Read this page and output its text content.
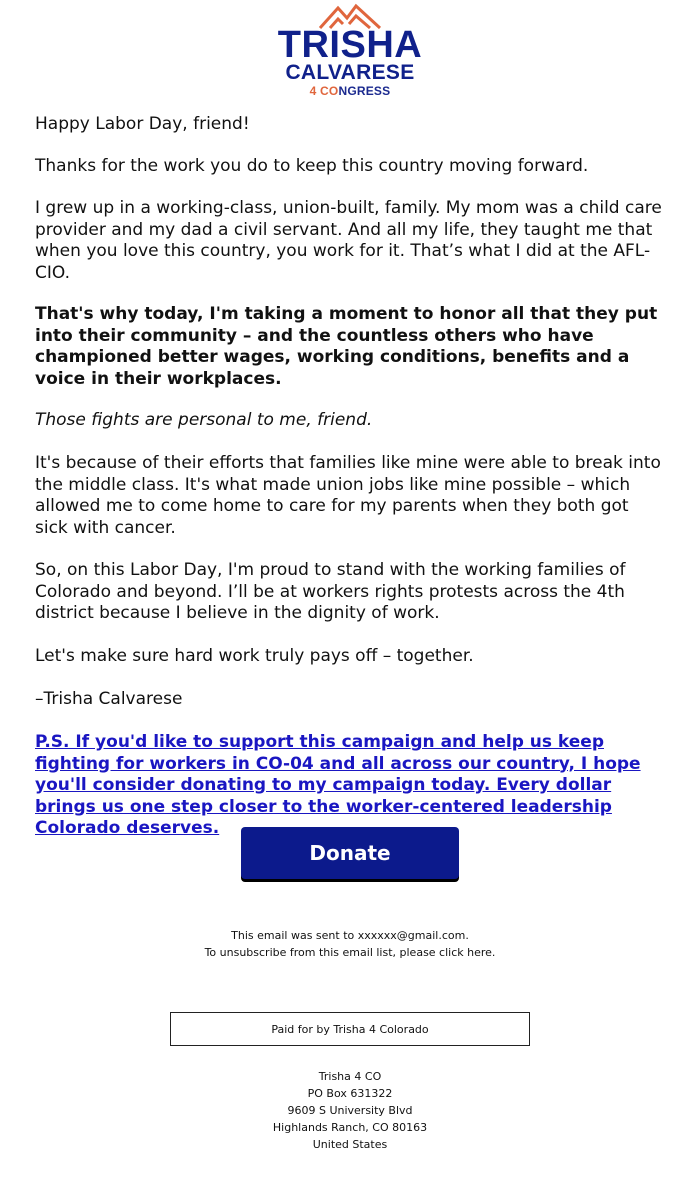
TRISHA
CALVARESE
4 CONGRESS

Happy Labor Day, friend!

Thanks for the work you do to keep this country moving forward.

I grew up in a working-class, union-built, family. My mom was a child care provider and my dad a civil servant. And all my life, they taught me that when you love this country, you work for it. That’s what I did at the AFL-CIO.

That's why today, I'm taking a moment to honor all that they put into their community – and the countless others who have championed better wages, working conditions, benefits and a voice in their workplaces.

Those fights are personal to me, friend.

It's because of their efforts that families like mine were able to break into the middle class. It's what made union jobs like mine possible – which allowed me to come home to care for my parents when they both got sick with cancer.

So, on this Labor Day, I'm proud to stand with the working families of Colorado and beyond. I’ll be at workers rights protests across the 4th district because I believe in the dignity of work.

Let's make sure hard work truly pays off – together.

–Trisha Calvarese

P.S. If you'd like to support this campaign and help us keep fighting for workers in CO-04 and all across our country, I hope you'll consider donating to my campaign today. Every dollar brings us one step closer to the worker-centered leadership Colorado deserves.
Donate
This email was sent to xxxxxx@gmail.com.
To unsubscribe from this email list, please click here.
Paid for by Trisha 4 Colorado
Trisha 4 CO
PO Box 631322
9609 S University Blvd
Highlands Ranch, CO 80163
United States
